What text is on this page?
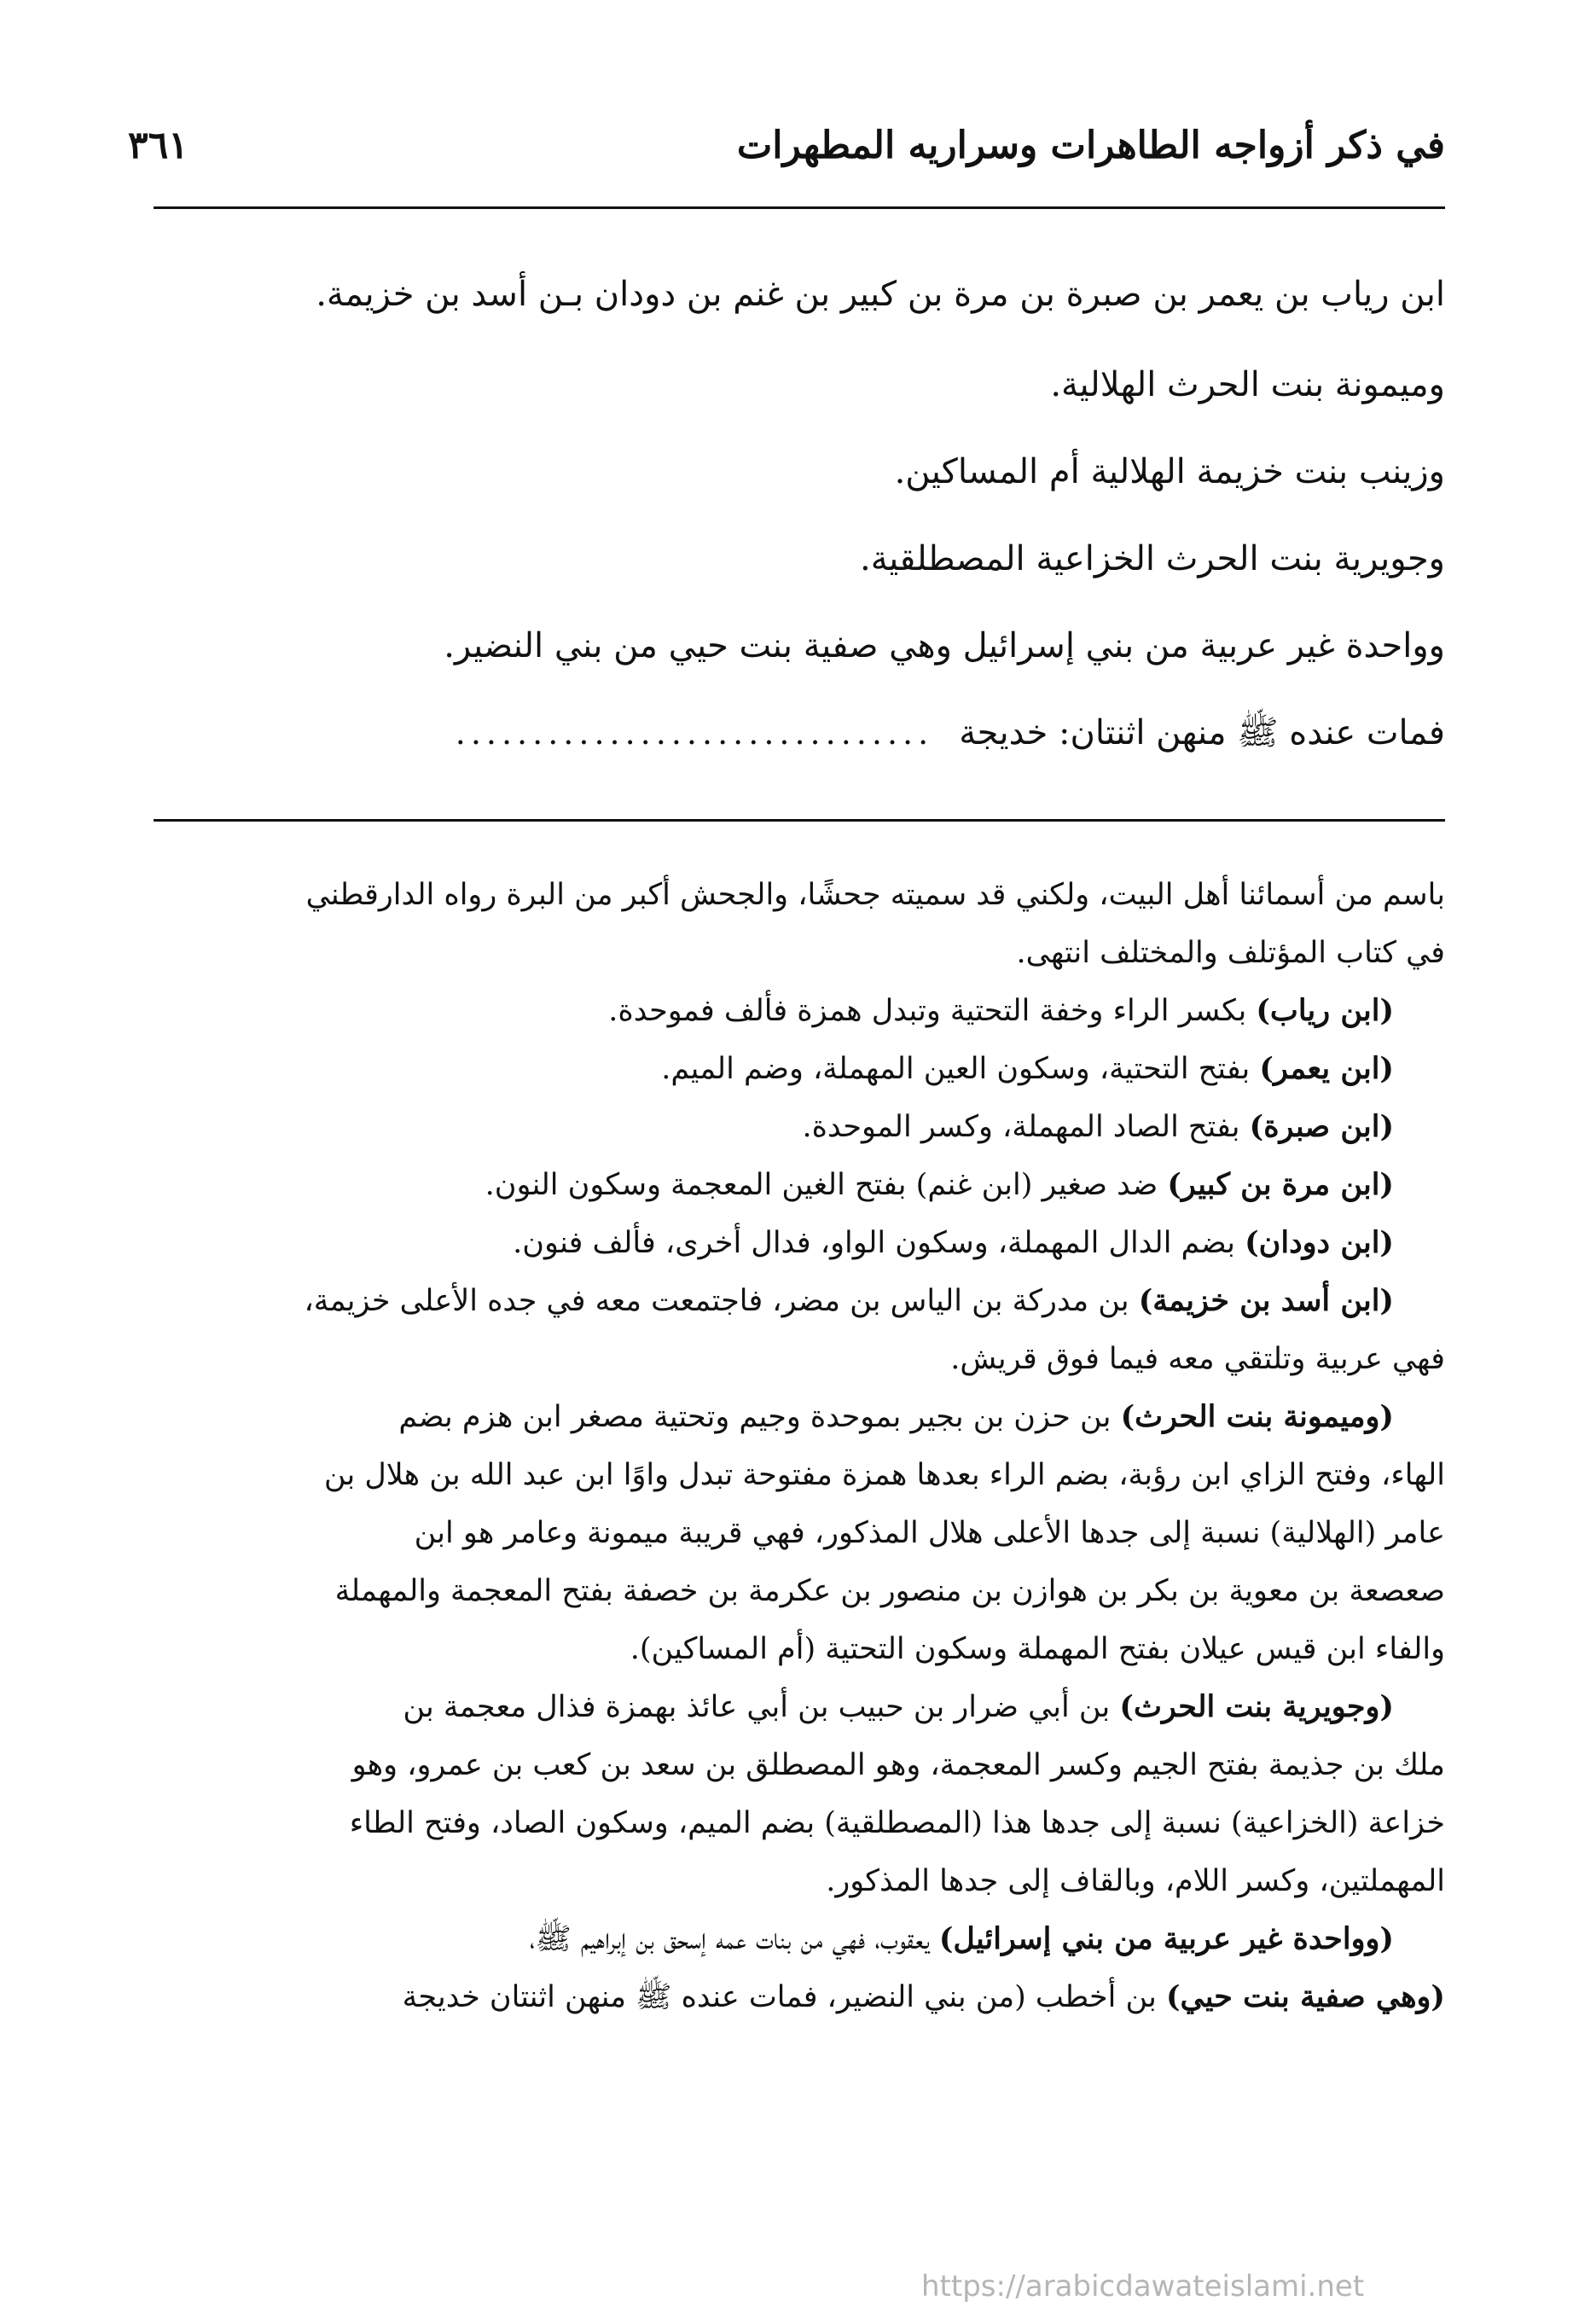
في ذكر أزواجه الطاهرات وسراريه المطهرات
٣٦١
ابن رياب بن يعمر بن صبرة بن مرة بن كبير بن غنم بن دودان بـن أسد بن خزيمة.
وميمونة بنت الحرث الهلالية.
وزينب بنت خزيمة الهلالية أم المساكين.
وجويرية بنت الحرث الخزاعية المصطلقية.
وواحدة غير عربية من بني إسرائيل وهي صفية بنت حيي من بني النضير.
فمات عنده ﷺ منهن اثنتان: خديجة
...............................
باسم من أسمائنا أهل البيت، ولكني قد سميته جحشًا، والجحش أكبر من البرة رواه الدارقطني
في كتاب المؤتلف والمختلف انتهى.
(ابن رياب) بكسر الراء وخفة التحتية وتبدل همزة فألف فموحدة.
(ابن يعمر) بفتح التحتية، وسكون العين المهملة، وضم الميم.
(ابن صبرة) بفتح الصاد المهملة، وكسر الموحدة.
(ابن مرة بن كبير) ضد صغير (ابن غنم) بفتح الغين المعجمة وسكون النون.
(ابن دودان) بضم الدال المهملة، وسكون الواو، فدال أخرى، فألف فنون.
(ابن أسد بن خزيمة) بن مدركة بن الياس بن مضر، فاجتمعت معه في جده الأعلى خزيمة،
فهي عربية وتلتقي معه فيما فوق قريش.
(وميمونة بنت الحرث) بن حزن بن بجير بموحدة وجيم وتحتية مصغر ابن هزم بضم
الهاء، وفتح الزاي ابن رؤبة، بضم الراء بعدها همزة مفتوحة تبدل واوًا ابن عبد الله بن هلال بن
عامر (الهلالية) نسبة إلى جدها الأعلى هلال المذكور، فهي قريبة ميمونة وعامر هو ابن
صعصعة بن معوية بن بكر بن هوازن بن منصور بن عكرمة بن خصفة بفتح المعجمة والمهملة
والفاء ابن قيس عيلان بفتح المهملة وسكون التحتية (أم المساكين).
(وجويرية بنت الحرث) بن أبي ضرار بن حبيب بن أبي عائذ بهمزة فذال معجمة بن
ملك بن جذيمة بفتح الجيم وكسر المعجمة، وهو المصطلق بن سعد بن كعب بن عمرو، وهو
خزاعة (الخزاعية) نسبة إلى جدها هذا (المصطلقية) بضم الميم، وسكون الصاد، وفتح الطاء
المهملتين، وكسر اللام، وبالقاف إلى جدها المذكور.
(وواحدة غير عربية من بني إسرائيل) يعقوب، فهي من بنات عمه إسحق بن إبراهيم ﷺ،
(وهي صفية بنت حيي) بن أخطب (من بني النضير، فمات عنده ﷺ منهن اثنتان خديجة
https://arabicdawateislami.net
